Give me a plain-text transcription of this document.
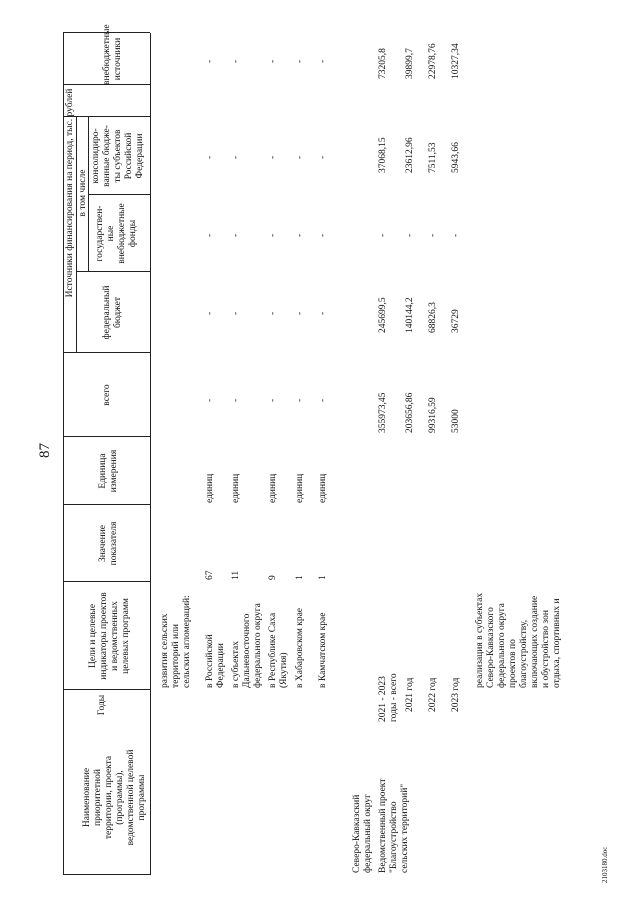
87
2103180.doc
Наименование приоритетной территории, проекта (программы), ведомственной целевой программы
Годы
Цели и целевые индикаторы проектов и ведомственных целевых программ
Значение показателя
Единица измерения
всего
Источники финансирования на период, тыс. рублей в том числе
федеральный бюджет
государствен- ные внебюджетные фонды
консолидиро- ванные бюдже- ты субъектов Российской Федерации
внебюджетные источники
развития сельских территорий или сельских агломераций: в Российской Федерации
67
единиц
в субъектах Дальневосточного федерального округа
11
единиц
в Республике Саха (Якутия)
9
единиц
в Хабаровском крае
1
единиц
в Камчатском крае
1
единиц
-
-
-
-
-
-
-
-
-
-
-
-
-
-
-
-
-
-
-
-
-
-
-
-
-
Северо-Кавказский федеральный округ Ведомственный проект "Благоустройство сельских территорий"
2021 - 2023 годы - всего
355973,45
245699,5
-
37068,15
73205,8
2021 год
203656,86
140144,2
-
23612,96
39899,7
2022 год
99316,59
68826,3
-
7511,53
22978,76
2023 год
53000
36729
-
5943,66
10327,34
реализация в субъектах Северо-Кавказского федерального округа проектов по благоустройству, включающих создание и обустройство зон отдыха, спортивных и
